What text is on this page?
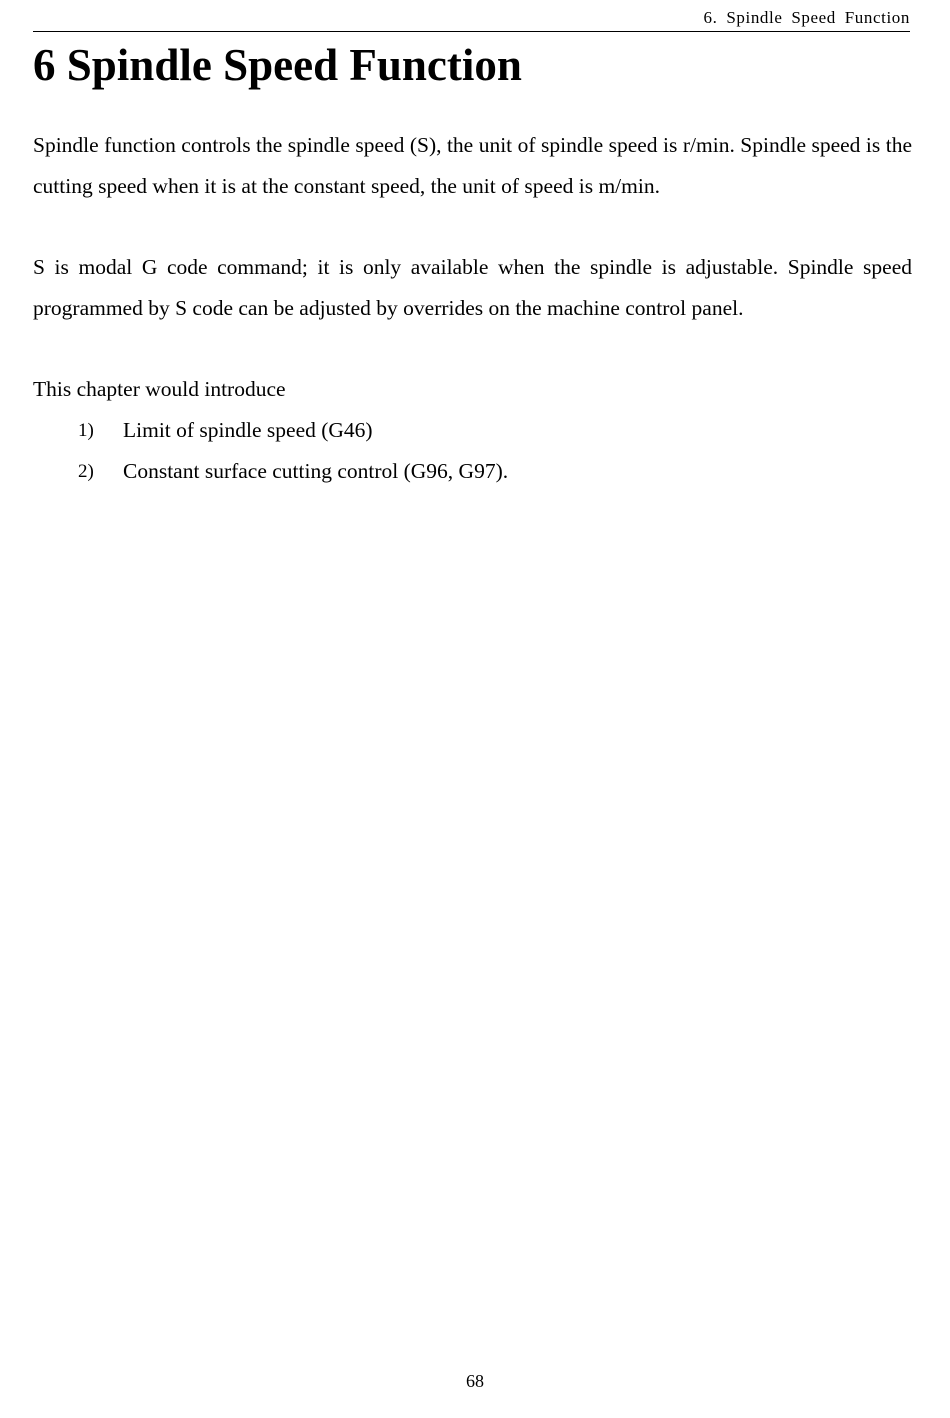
6. Spindle Speed Function
6 Spindle Speed Function

Spindle function controls the spindle speed (S), the unit of spindle speed is r/min. Spindle speed is the cutting speed when it is at the constant speed, the unit of speed is m/min.

S is modal G code command; it is only available when the spindle is adjustable. Spindle speed programmed by S code can be adjusted by overrides on the machine control panel.

This chapter would introduce

1)	Limit of spindle speed (G46)
2)	Constant surface cutting control (G96, G97).
68
